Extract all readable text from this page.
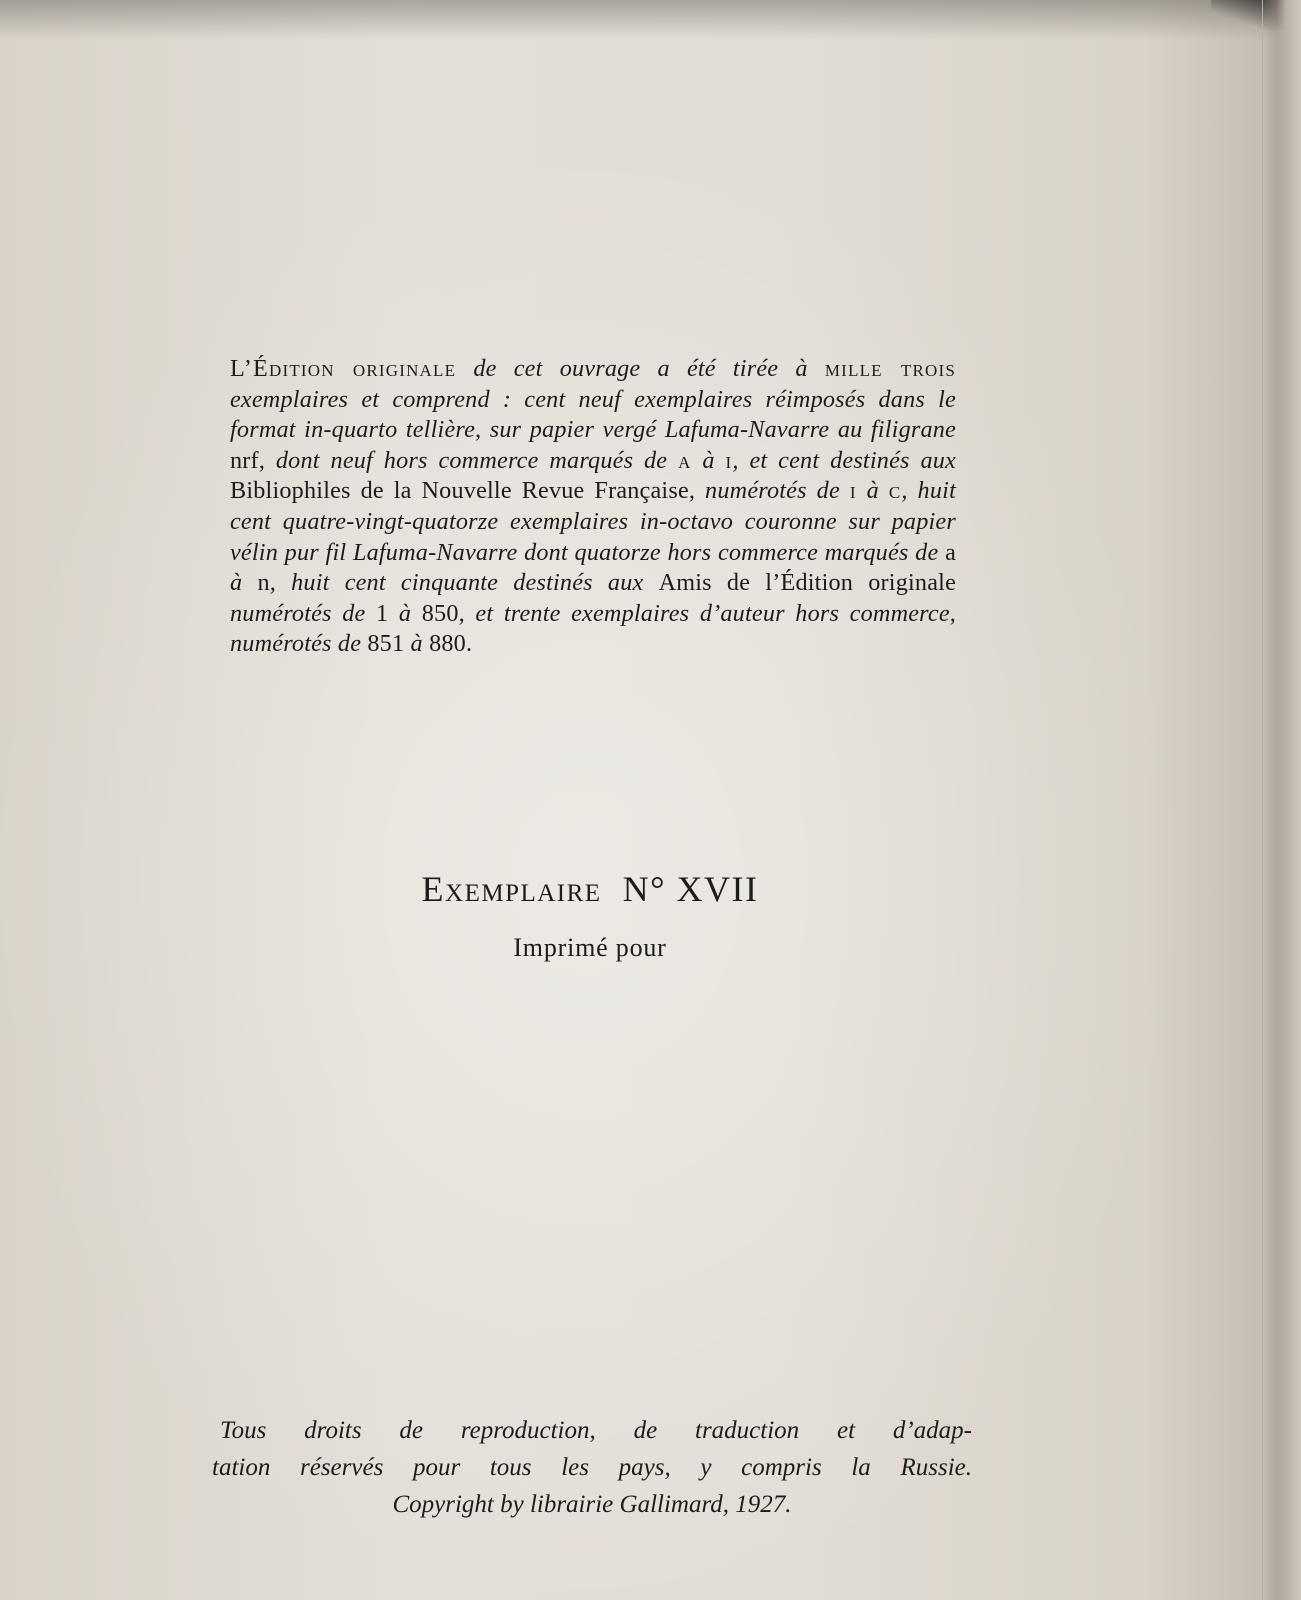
L’Édition originale de cet ouvrage a été tirée à mille trois exemplaires et comprend : cent neuf exemplaires réimposés dans le format in-quarto tellière, sur papier vergé Lafuma-Navarre au filigrane nrf, dont neuf hors commerce marqués de a à i, et cent destinés aux Bibliophiles de la Nouvelle Revue Française, numérotés de i à c, huit cent quatre-vingt-quatorze exemplaires in-octavo couronne sur papier vélin pur fil Lafuma-Navarre dont quatorze hors commerce marqués de a à n, huit cent cinquante destinés aux Amis de l’Édition originale numérotés de 1 à 850, et trente exemplaires d’auteur hors commerce, numérotés de 851 à 880.

Exemplaire N° XVII
Imprimé pour

Tous droits de reproduction, de traduction et d’adap-
tation réservés pour tous les pays, y compris la Russie.
Copyright by librairie Gallimard, 1927.
